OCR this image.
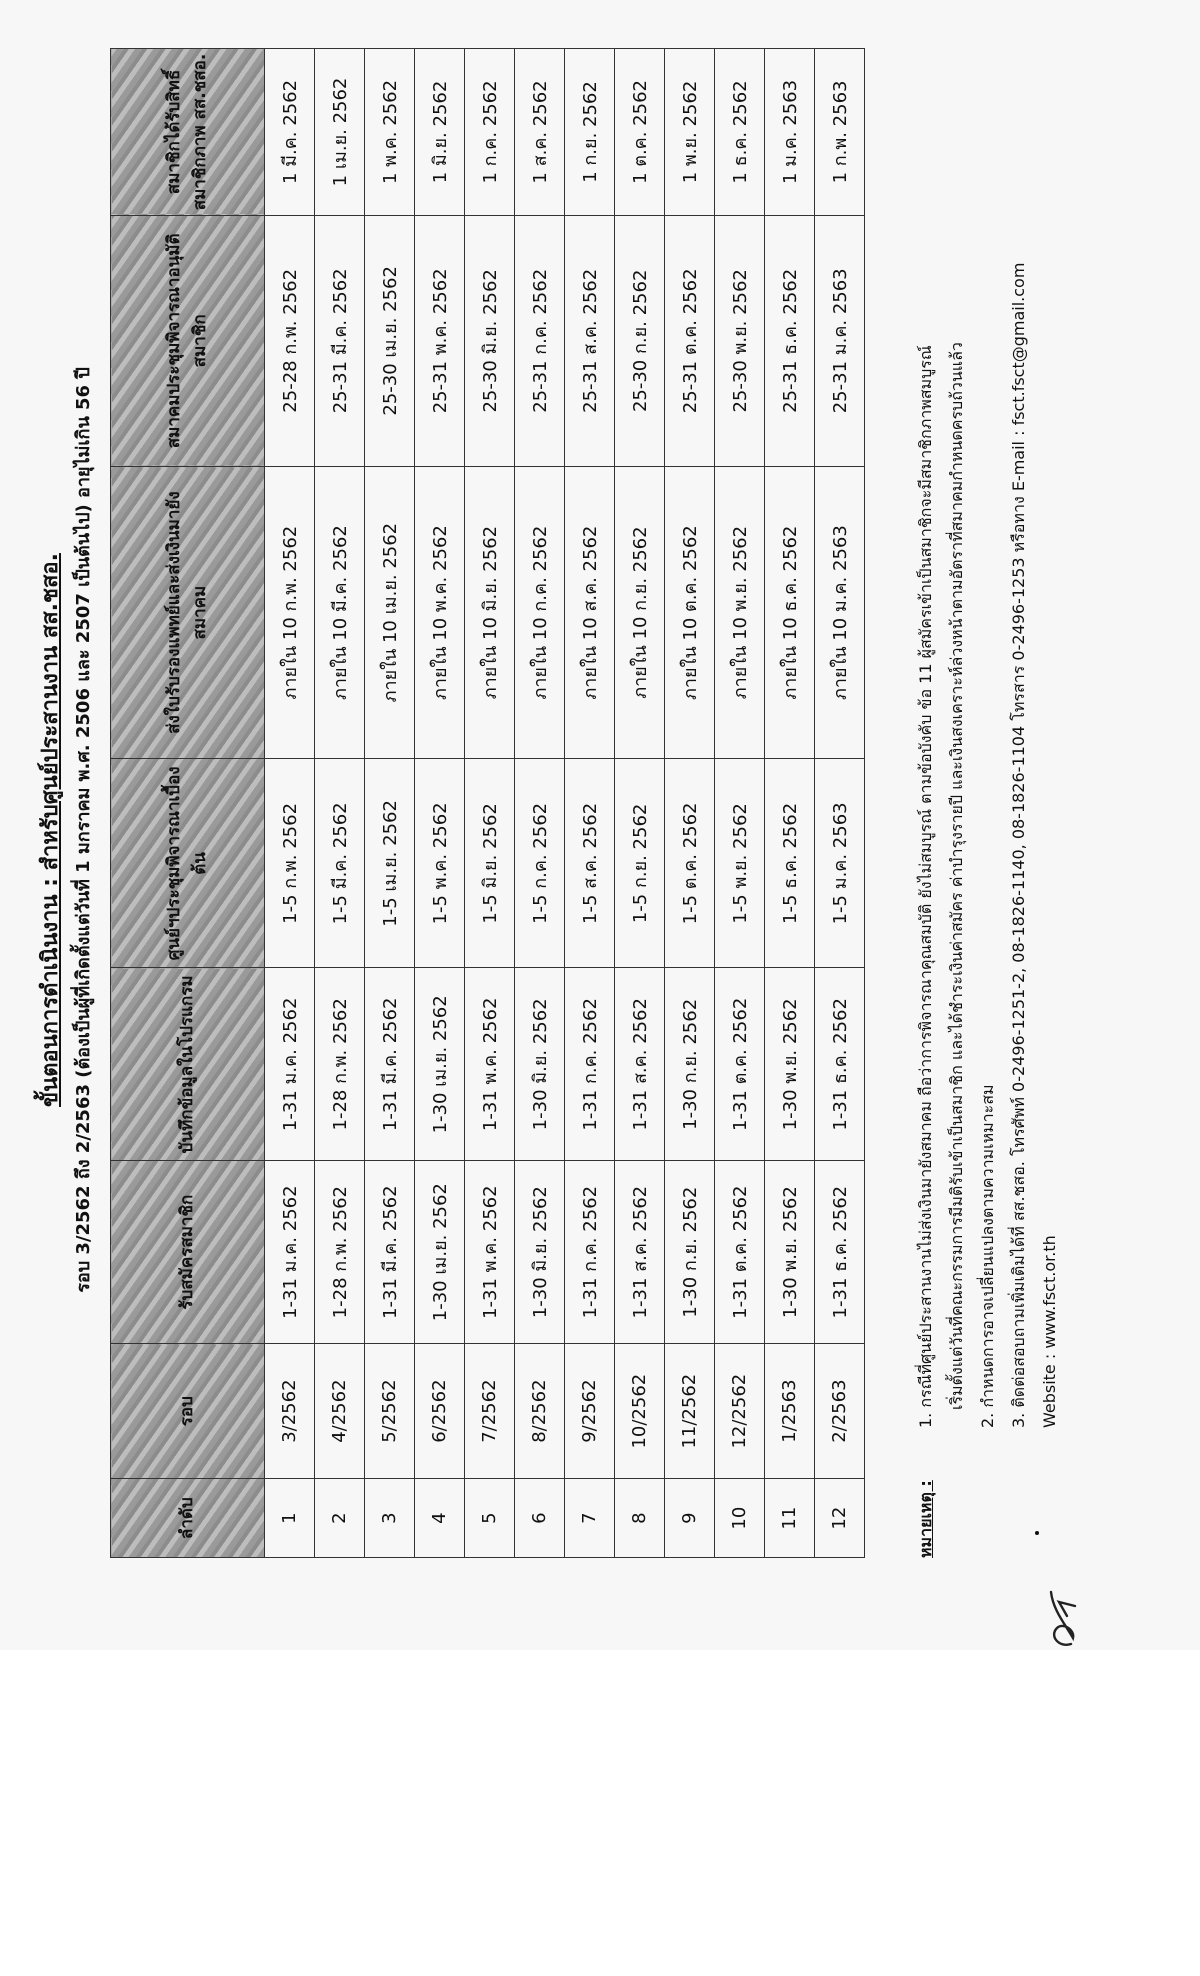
ขั้นตอนการดำเนินงาน : สำหรับศูนย์ประสานงาน สส.ชสอ. รอบ 3/2562 ถึง 2/2563 (ต้องเป็นผู้ที่เกิดตั้งแต่วันที่ 1 มกราคม พ.ศ. 2506 และ 2507 เป็นต้นไป) อายุไม่เกิน 56 ปี
ลำดับ	รอบ	รับสมัครสมาชิก	บันทึกข้อมูลในโปรแกรม	ศูนย์ฯประชุมพิจารณาเบื้องต้น	ส่งใบรับรองแพทย์และส่งเงินมายังสมาคม	สมาคมประชุมพิจารณาอนุมัติสมาชิก	สมาชิกได้รับสิทธิ์สมาชิกภาพ สส.ชสอ.
1	3/2562	1-31 ม.ค. 2562	1-31 ม.ค. 2562	1-5 ก.พ. 2562	ภายใน 10 ก.พ. 2562	25-28 ก.พ. 2562	1 มี.ค. 2562
2	4/2562	1-28 ก.พ. 2562	1-28 ก.พ. 2562	1-5 มี.ค. 2562	ภายใน 10 มี.ค. 2562	25-31 มี.ค. 2562	1 เม.ย. 2562
3	5/2562	1-31 มี.ค. 2562	1-31 มี.ค. 2562	1-5 เม.ย. 2562	ภายใน 10 เม.ย. 2562	25-30 เม.ย. 2562	1 พ.ค. 2562
4	6/2562	1-30 เม.ย. 2562	1-30 เม.ย. 2562	1-5 พ.ค. 2562	ภายใน 10 พ.ค. 2562	25-31 พ.ค. 2562	1 มิ.ย. 2562
5	7/2562	1-31 พ.ค. 2562	1-31 พ.ค. 2562	1-5 มิ.ย. 2562	ภายใน 10 มิ.ย. 2562	25-30 มิ.ย. 2562	1 ก.ค. 2562
6	8/2562	1-30 มิ.ย. 2562	1-30 มิ.ย. 2562	1-5 ก.ค. 2562	ภายใน 10 ก.ค. 2562	25-31 ก.ค. 2562	1 ส.ค. 2562
7	9/2562	1-31 ก.ค. 2562	1-31 ก.ค. 2562	1-5 ส.ค. 2562	ภายใน 10 ส.ค. 2562	25-31 ส.ค. 2562	1 ก.ย. 2562
8	10/2562	1-31 ส.ค. 2562	1-31 ส.ค. 2562	1-5 ก.ย. 2562	ภายใน 10 ก.ย. 2562	25-30 ก.ย. 2562	1 ต.ค. 2562
9	11/2562	1-30 ก.ย. 2562	1-30 ก.ย. 2562	1-5 ต.ค. 2562	ภายใน 10 ต.ค. 2562	25-31 ต.ค. 2562	1 พ.ย. 2562
10	12/2562	1-31 ต.ค. 2562	1-31 ต.ค. 2562	1-5 พ.ย. 2562	ภายใน 10 พ.ย. 2562	25-30 พ.ย. 2562	1 ธ.ค. 2562
11	1/2563	1-30 พ.ย. 2562	1-30 พ.ย. 2562	1-5 ธ.ค. 2562	ภายใน 10 ธ.ค. 2562	25-31 ธ.ค. 2562	1 ม.ค. 2563
12	2/2563	1-31 ธ.ค. 2562	1-31 ธ.ค. 2562	1-5 ม.ค. 2563	ภายใน 10 ม.ค. 2563	25-31 ม.ค. 2563	1 ก.พ. 2563
หมายเหตุ :
1. กรณีที่ศูนย์ประสานงานไม่ส่งเงินมายังสมาคม ถือว่าการพิจารณาคุณสมบัติ ยังไม่สมบูรณ์ ตามข้อบังคับ ข้อ 11 ผู้สมัครเข้าเป็นสมาชิกจะมีสมาชิกภาพสมบูรณ์ เริ่มตั้งแต่วันที่คณะกรรมการมีมติรับเข้าเป็นสมาชิก และได้ชำระเงินค่าสมัคร ค่าบำรุงรายปี และเงินสงเคราะห์ล่วงหน้าตามอัตราที่สมาคมกำหนดครบถ้วนแล้ว 2. กำหนดการอาจเปลี่ยนแปลงตามความเหมาะสม 3. ติดต่อสอบถามเพิ่มเติมได้ที่ สส.ชสอ. โทรศัพท์ 0-2496-1251-2, 08-1826-1140, 08-1826-1104 โทรสาร 0-2496-1253 หรือทาง E-mail : fsct.fsct@gmail.com Website : www.fsct.or.th
